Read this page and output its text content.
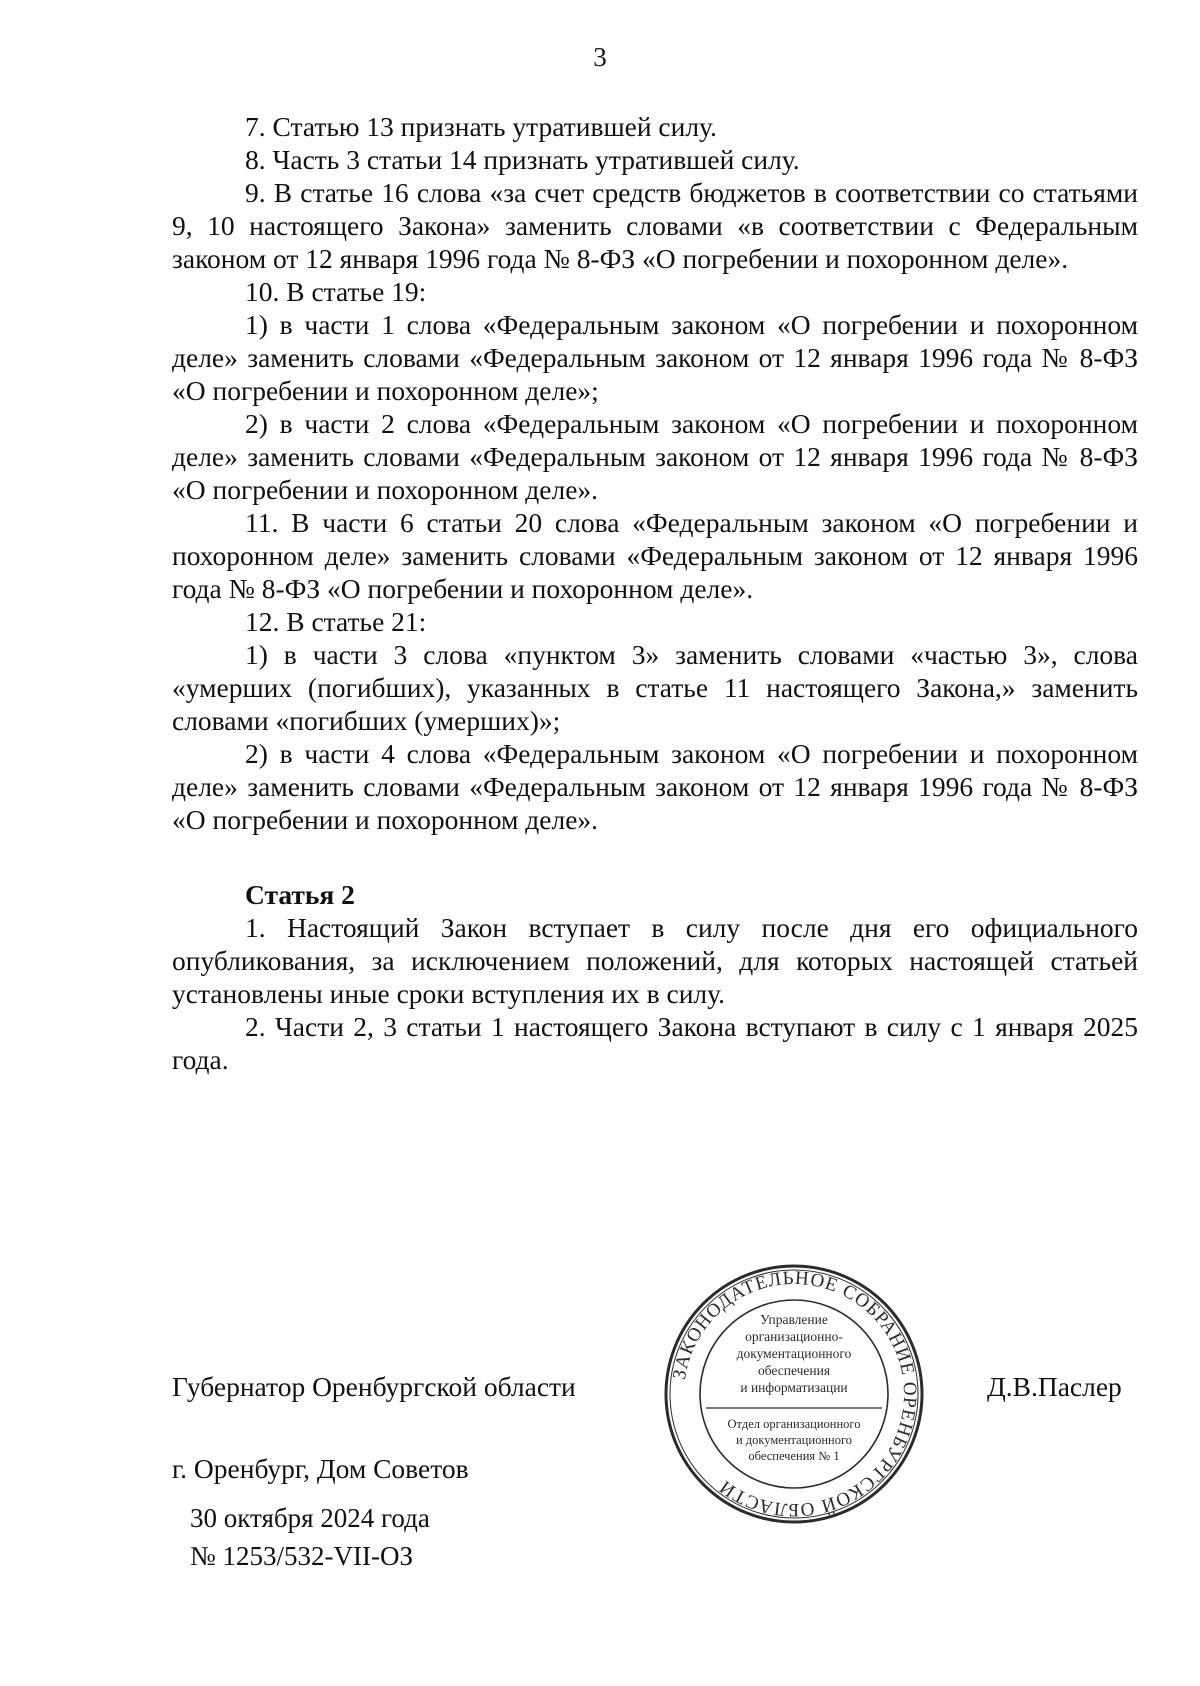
3

7. Статью 13 признать утратившей силу.

8. Часть 3 статьи 14 признать утратившей силу.

9. В статье 16 слова «за счет средств бюджетов в соответствии со статьями 9, 10 настоящего Закона» заменить словами «в соответствии с Федеральным законом от 12 января 1996 года № 8-ФЗ «О погребении и похоронном деле».

10. В статье 19:

1) в части 1 слова «Федеральным законом «О погребении и похоронном деле» заменить словами «Федеральным законом от 12 января 1996 года № 8-ФЗ «О погребении и похоронном деле»;

2) в части 2 слова «Федеральным законом «О погребении и похоронном деле» заменить словами «Федеральным законом от 12 января 1996 года № 8-ФЗ «О погребении и похоронном деле».

11. В части 6 статьи 20 слова «Федеральным законом «О погребении и похоронном деле» заменить словами «Федеральным законом от 12 января 1996 года № 8-ФЗ «О погребении и похоронном деле».

12. В статье 21:

1) в части 3 слова «пунктом 3» заменить словами «частью 3», слова «умерших (погибших), указанных в статье 11 настоящего Закона,» заменить словами «погибших (умерших)»;

2) в части 4 слова «Федеральным законом «О погребении и похоронном деле» заменить словами «Федеральным законом от 12 января 1996 года № 8-ФЗ «О погребении и похоронном деле».

Статья 2

1. Настоящий Закон вступает в силу после дня его официального опубликования, за исключением положений, для которых настоящей статьей установлены иные сроки вступления их в силу.

2. Части 2, 3 статьи 1 настоящего Закона вступают в силу с 1 января 2025 года.

Губернатор Оренбургской области	Д.В.Паслер
г. Оренбург, Дом Советов
30 октября 2024 года
№ 1253/532-VII-ОЗ
ЗАКОНОДАТЕЛЬНОЕ СОБРАНИЕ ОРЕНБУРГСКОЙ ОБЛАСТИ
Управление
организационно-
документационного
обеспечения
и информатизации
Отдел организационного
и документационного
обеспечения № 1
